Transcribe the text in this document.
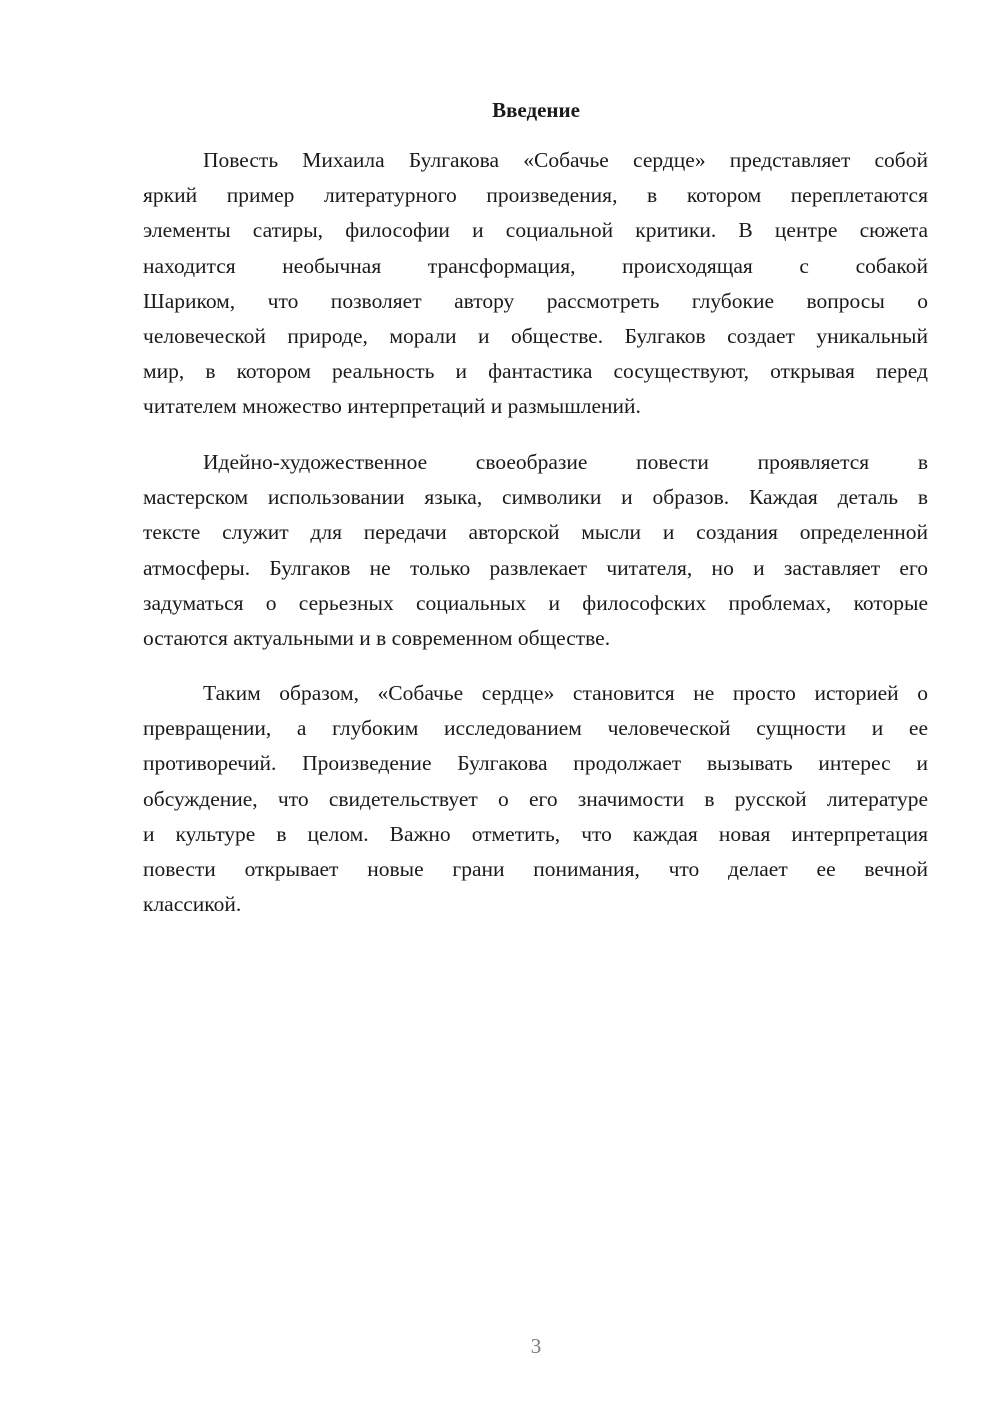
Введение
Повесть Михаила Булгакова «Собачье сердце» представляет собой
яркий пример литературного произведения, в котором переплетаются
элементы сатиры, философии и социальной критики. В центре сюжета
находится необычная трансформация, происходящая с собакой
Шариком, что позволяет автору рассмотреть глубокие вопросы о
человеческой природе, морали и обществе. Булгаков создает уникальный
мир, в котором реальность и фантастика сосуществуют, открывая перед
читателем множество интерпретаций и размышлений.
Идейно-художественное своеобразие повести проявляется в
мастерском использовании языка, символики и образов. Каждая деталь в
тексте служит для передачи авторской мысли и создания определенной
атмосферы. Булгаков не только развлекает читателя, но и заставляет его
задуматься о серьезных социальных и философских проблемах, которые
остаются актуальными и в современном обществе.
Таким образом, «Собачье сердце» становится не просто историей о
превращении, а глубоким исследованием человеческой сущности и ее
противоречий. Произведение Булгакова продолжает вызывать интерес и
обсуждение, что свидетельствует о его значимости в русской литературе
и культуре в целом. Важно отметить, что каждая новая интерпретация
повести открывает новые грани понимания, что делает ее вечной
классикой.
3
